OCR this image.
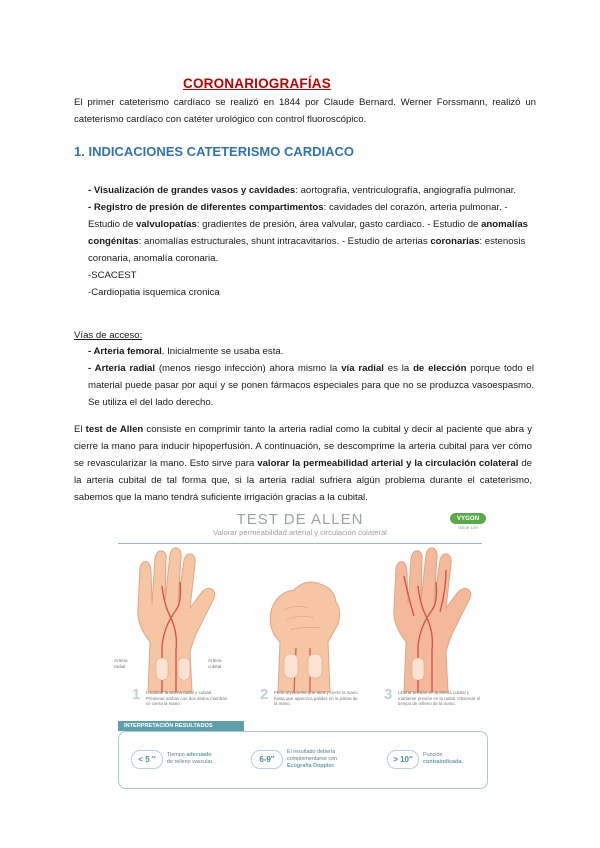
CORONARIOGRAFÍAS
El primer cateterismo cardíaco se realizó en 1844 por Claude Bernard. Werner Forssmann, realizó un cateterismo cardíaco con catéter urológico con control fluoroscópico.
1. INDICACIONES CATETERISMO CARDIACO
- Visualización de grandes vasos y cavidades: aortografía, ventriculografía, angiografía pulmonar.
- Registro de presión de diferentes compartimentos: cavidades del corazón, arteria pulmonar. - Estudio de valvulopatías: gradientes de presión, área valvular, gasto cardiaco. - Estudio de anomalías congénitas: anomalías estructurales, shunt intracavitarios. - Estudio de arterias coronarias: estenosis coronaria, anomalía coronaria.
-SCACEST
-Cardiopatia isquemica cronica
Vías de acceso:
- Arteria femoral. Inicialmente se usaba esta.
- Arteria radial (menos riesgo infección) ahora mismo la vía radial es la de elección porque todo el material puede pasar por aquí y se ponen fármacos especiales para que no se produzca vasoespasmo. Se utiliza el del lado derecho.
El test de Allen consiste en comprimir tanto la arteria radial como la cubital y decir al paciente que abra y cierre la mano para inducir hipoperfusión. A continuación, se descomprime la arteria cubital para ver cómo se revascularizar la mano. Esto sirve para valorar la permeabilidad arterial y la circulación colateral de la arteria cubital de tal forma que, si la arteria radial sufriera algún problema durante el cateterismo, sabemos que la mano tendrá suficiente irrigación gracias a la cubital.
TEST DE ALLEN
Valorar permeabilidad arterial y circulación colateral
VYGON
Value Life
Arteria radial
Arteria cubital
1 Localizar la arteria radial y cubital. Presionar ambas con dos dedos mientras se cierra la mano.
2 Pedir al paciente que abra y cierre la mano hasta que aparezca palidez en la palma de la mano.
3 Liberar presión en la arteria cubital y mantener presión en la radial. Observar el tiempo de relleno de la mano.
INTERPRETACIÓN RESULTADOS
< 5 ''	Tiempo adecuado
de relleno vascular.	6-9''
El resultado debería complementarse con
Ecografía Doppler.
> 10''	Punción
contraindicada.
